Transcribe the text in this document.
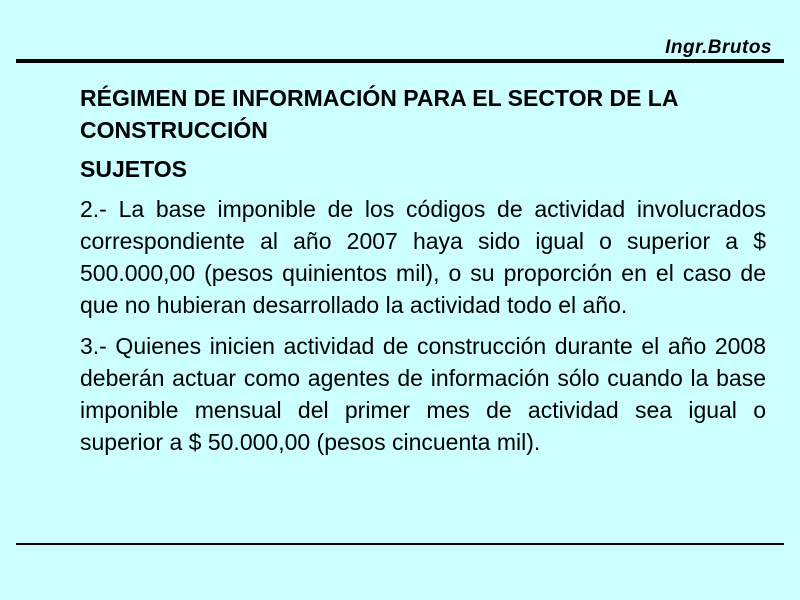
Ingr.Brutos
RÉGIMEN DE INFORMACIÓN PARA EL SECTOR DE LA CONSTRUCCIÓN
SUJETOS
2.- La base imponible de los códigos de actividad involucrados correspondiente al año 2007 haya sido igual o superior a $ 500.000,00 (pesos quinientos mil), o su proporción en el caso de que no hubieran desarrollado la actividad todo el año.
3.- Quienes inicien actividad de construcción durante el año 2008 deberán actuar como agentes de información sólo cuando la base imponible mensual del primer mes de actividad sea igual o superior a $ 50.000,00 (pesos cincuenta mil).
